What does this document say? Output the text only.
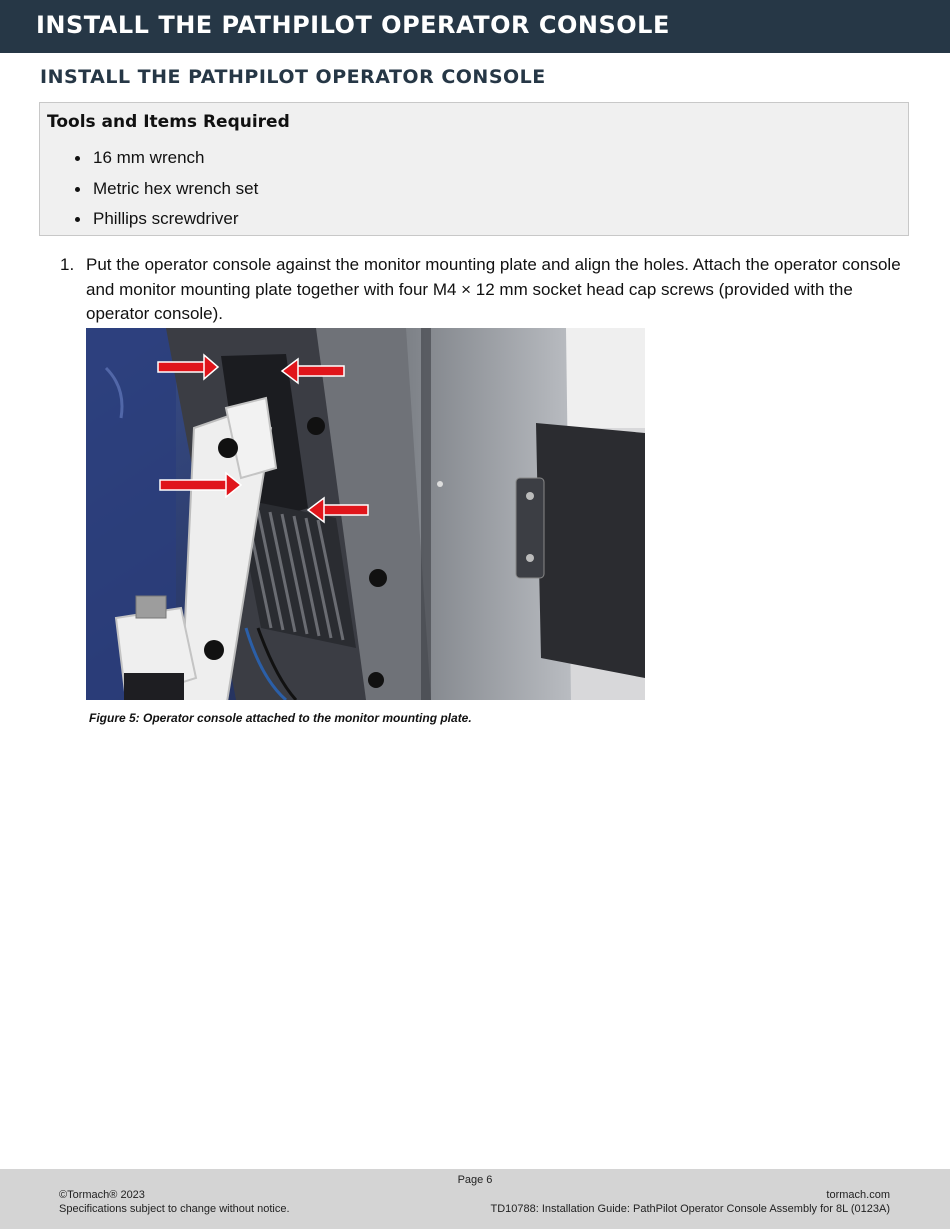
INSTALL THE PATHPILOT OPERATOR CONSOLE
INSTALL THE PATHPILOT OPERATOR CONSOLE
Tools and Items Required
16 mm wrench
Metric hex wrench set
Phillips screwdriver
1. Put the operator console against the monitor mounting plate and align the holes. Attach the operator console and monitor mounting plate together with four M4 × 12 mm socket head cap screws (provided with the operator console).
Figure 5: Operator console attached to the monitor mounting plate.
Page 6
©Tormach® 2023
Specifications subject to change without notice.
tormach.com
TD10788: Installation Guide: PathPilot Operator Console Assembly for 8L (0123A)
